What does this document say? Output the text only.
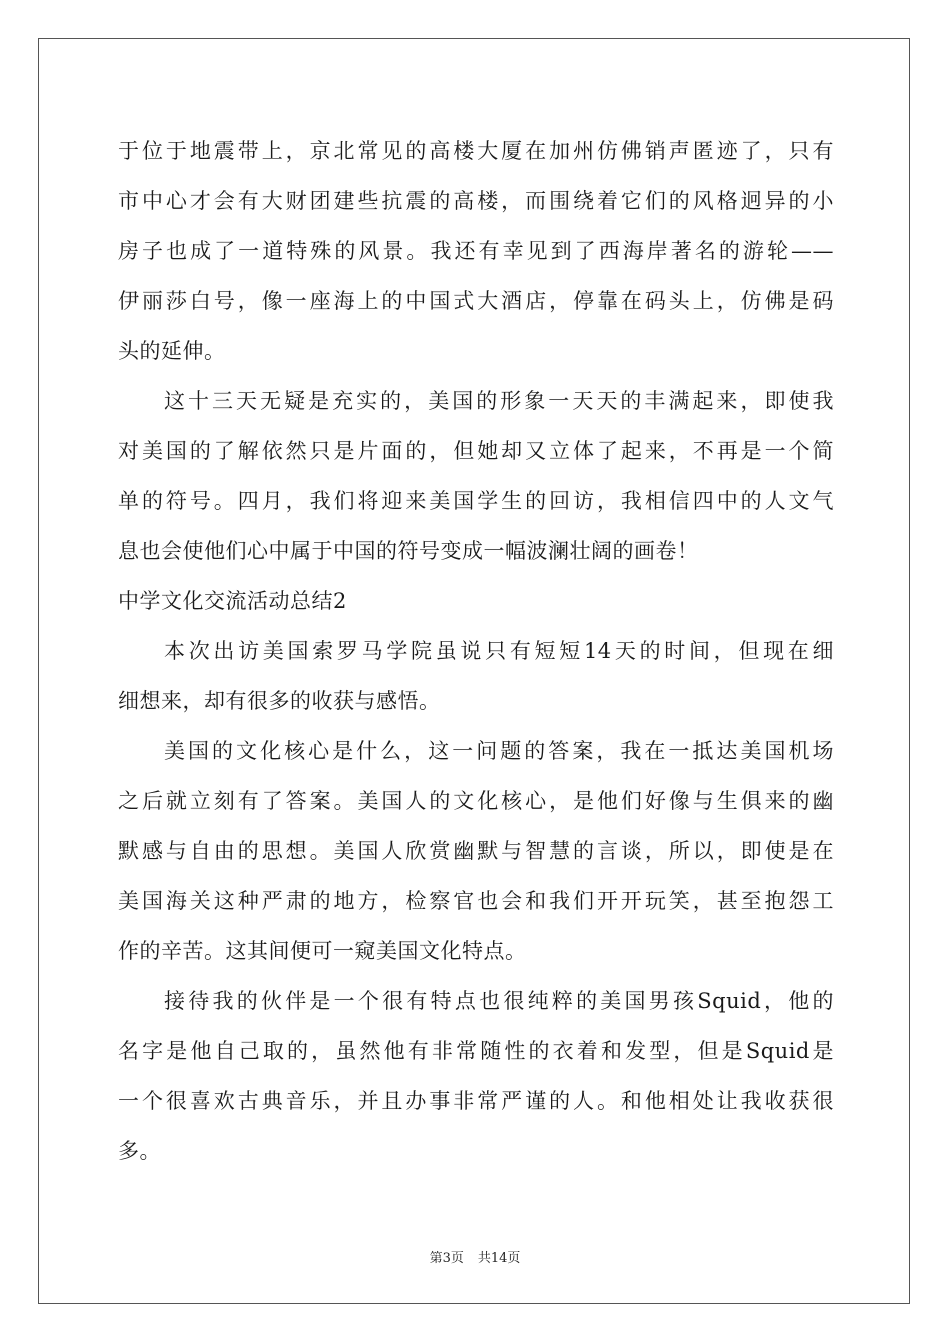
于位于地震带上，京北常见的高楼大厦在加州仿佛销声匿迹了，只有
市中心才会有大财团建些抗震的高楼，而围绕着它们的风格迥异的小
房子也成了一道特殊的风景。我还有幸见到了西海岸著名的游轮——
伊丽莎白号，像一座海上的中国式大酒店，停靠在码头上，仿佛是码
头的延伸。
这十三天无疑是充实的，美国的形象一天天的丰满起来，即使我
对美国的了解依然只是片面的，但她却又立体了起来，不再是一个简
单的符号。四月，我们将迎来美国学生的回访，我相信四中的人文气
息也会使他们心中属于中国的符号变成一幅波澜壮阔的画卷！
中学文化交流活动总结2
本次出访美国索罗马学院虽说只有短短14天的时间，但现在细
细想来，却有很多的收获与感悟。
美国的文化核心是什么，这一问题的答案，我在一抵达美国机场
之后就立刻有了答案。美国人的文化核心，是他们好像与生俱来的幽
默感与自由的思想。美国人欣赏幽默与智慧的言谈，所以，即使是在
美国海关这种严肃的地方，检察官也会和我们开开玩笑，甚至抱怨工
作的辛苦。这其间便可一窥美国文化特点。
接待我的伙伴是一个很有特点也很纯粹的美国男孩Squid，他的
名字是他自己取的，虽然他有非常随性的衣着和发型，但是Squid是
一个很喜欢古典音乐，并且办事非常严谨的人。和他相处让我收获很
多。
第3页 共14页
